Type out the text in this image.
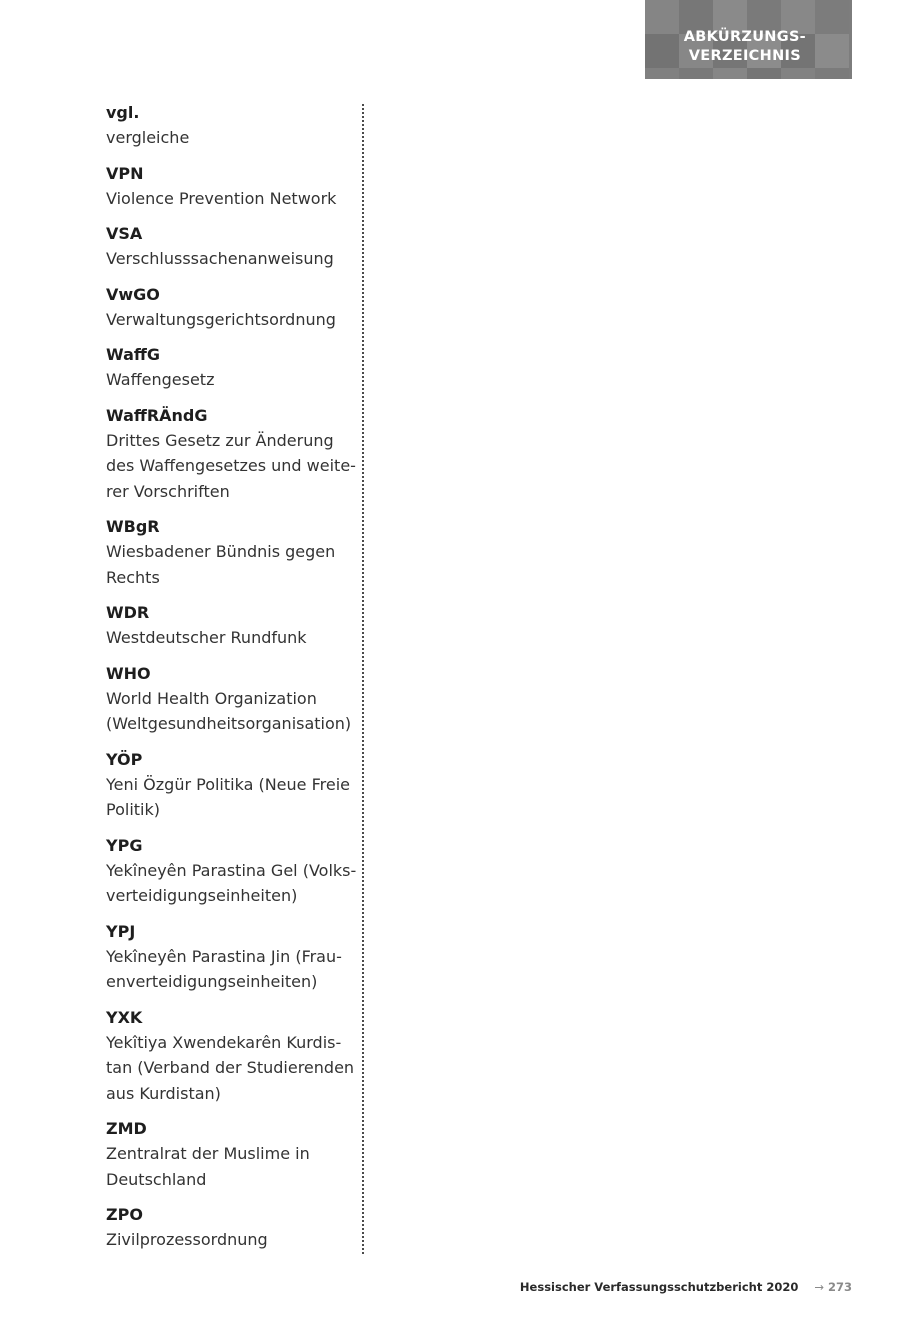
ABKÜRZUNGS-
VERZEICHNIS
vgl.
vergleiche
VPN
Violence Prevention Network
VSA
Verschlusssachenanweisung
VwGO
Verwaltungsgerichtsordnung
WaffG
Waffengesetz
WaffRÄndG
Drittes Gesetz zur Änderung
des Waffengesetzes und weite-
rer Vorschriften
WBgR
Wiesbadener Bündnis gegen
Rechts
WDR
Westdeutscher Rundfunk
WHO
World Health Organization
(Weltgesundheitsorganisation)
YÖP
Yeni Özgür Politika (Neue Freie
Politik)
YPG
Yekîneyên Parastina Gel (Volks-
verteidigungseinheiten)
YPJ
Yekîneyên Parastina Jin (Frau-
enverteidigungseinheiten)
YXK
Yekîtiya Xwendekarên Kurdis-
tan (Verband der Studierenden
aus Kurdistan)
ZMD
Zentralrat der Muslime in
Deutschland
ZPO
Zivilprozessordnung
Hessischer Verfassungsschutzbericht 2020 → 273
